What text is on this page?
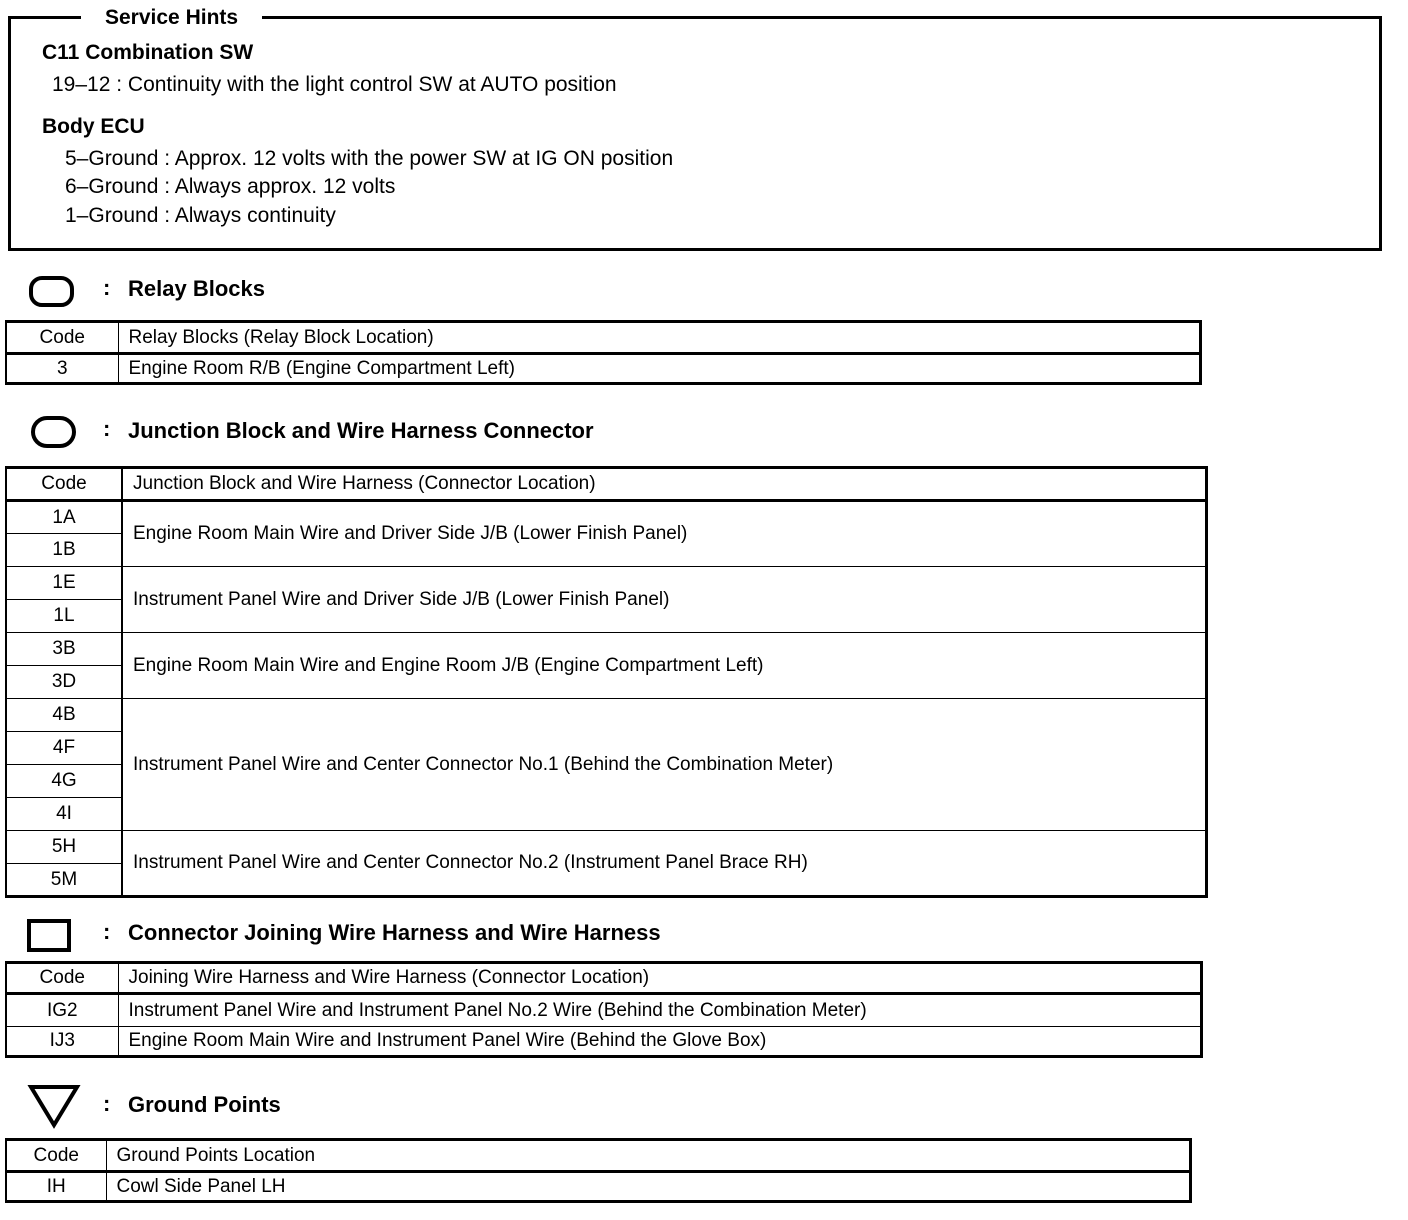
Service Hints
C11 Combination SW
19–12 : Continuity with the light control SW at AUTO position
Body ECU
5–Ground : Approx. 12 volts with the power SW at IG ON position
6–Ground : Always approx. 12 volts
1–Ground : Always continuity
: Relay Blocks
Code	Relay Blocks (Relay Block Location)
3	Engine Room R/B (Engine Compartment Left)
: Junction Block and Wire Harness Connector
Code	Junction Block and Wire Harness (Connector Location)
1A	Engine Room Main Wire and Driver Side J/B (Lower Finish Panel)
1B	
1E	Instrument Panel Wire and Driver Side J/B (Lower Finish Panel)
1L	
3B	Engine Room Main Wire and Engine Room J/B (Engine Compartment Left)
3D	
4B	Instrument Panel Wire and Center Connector No.1 (Behind the Combination Meter)
4F	
4G	
4I	
5H	Instrument Panel Wire and Center Connector No.2 (Instrument Panel Brace RH)
5M	
: Connector Joining Wire Harness and Wire Harness
Code	Joining Wire Harness and Wire Harness (Connector Location)
IG2	Instrument Panel Wire and Instrument Panel No.2 Wire (Behind the Combination Meter)
IJ3	Engine Room Main Wire and Instrument Panel Wire (Behind the Glove Box)
: Ground Points
Code	Ground Points Location
IH	Cowl Side Panel LH
